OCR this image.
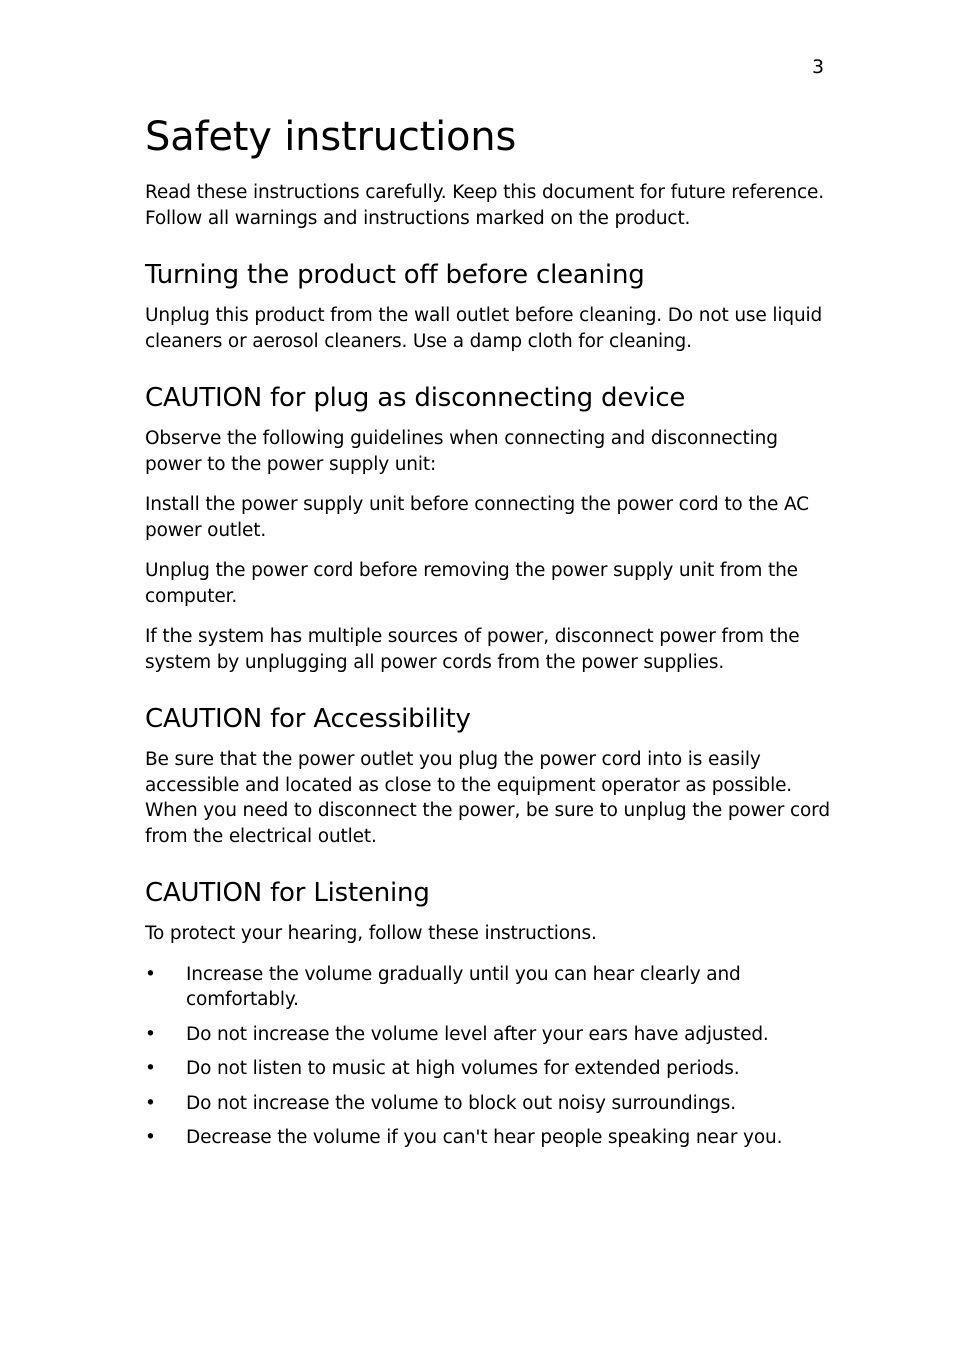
3
Safety instructions

Read these instructions carefully. Keep this document for future reference. Follow all warnings and instructions marked on the product.

Turning the product off before cleaning

Unplug this product from the wall outlet before cleaning. Do not use liquid cleaners or aerosol cleaners. Use a damp cloth for cleaning.

CAUTION for plug as disconnecting device

Observe the following guidelines when connecting and disconnecting power to the power supply unit:

Install the power supply unit before connecting the power cord to the AC power outlet.

Unplug the power cord before removing the power supply unit from the computer.

If the system has multiple sources of power, disconnect power from the system by unplugging all power cords from the power supplies.

CAUTION for Accessibility

Be sure that the power outlet you plug the power cord into is easily accessible and located as close to the equipment operator as possible. When you need to disconnect the power, be sure to unplug the power cord from the electrical outlet.

CAUTION for Listening

To protect your hearing, follow these instructions.

• Increase the volume gradually until you can hear clearly and comfortably.
• Do not increase the volume level after your ears have adjusted.
• Do not listen to music at high volumes for extended periods.
• Do not increase the volume to block out noisy surroundings.
• Decrease the volume if you can't hear people speaking near you.
